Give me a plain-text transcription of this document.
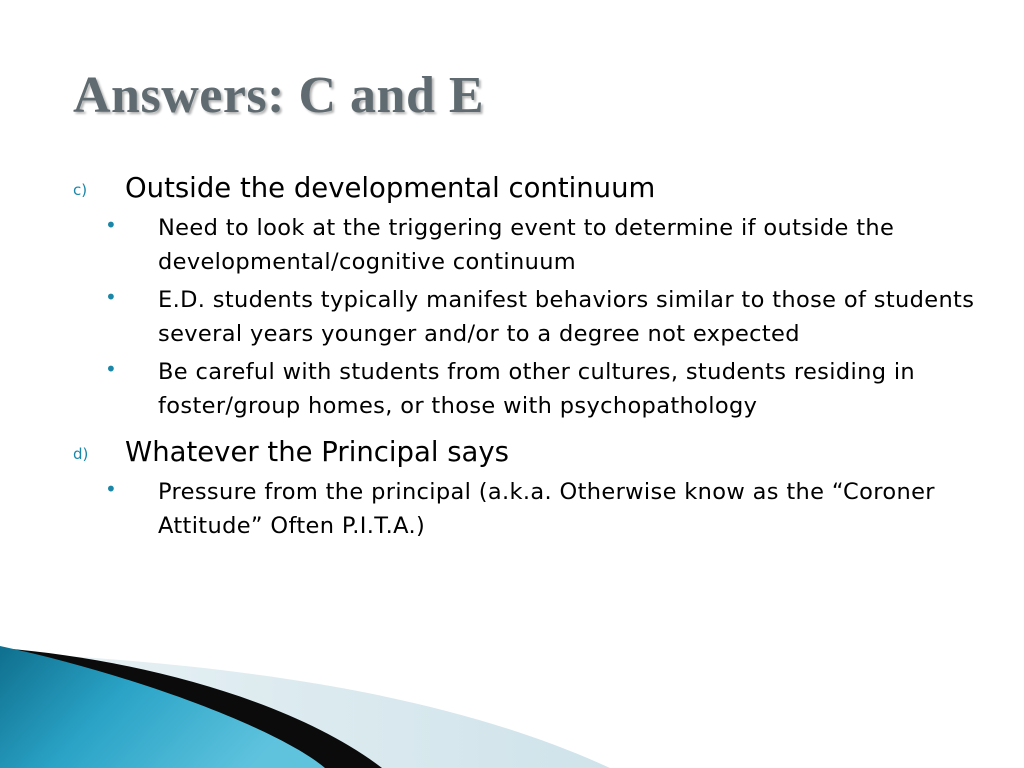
Answers: C and E
c) Outside the developmental continuum
• Need to look at the triggering event to determine if outside the developmental/cognitive continuum
• E.D. students typically manifest behaviors similar to those of students several years younger and/or to a degree not expected
• Be careful with students from other cultures, students residing in foster/group homes, or those with psychopathology
d) Whatever the Principal says
• Pressure from the principal (a.k.a. Otherwise know as the “Coroner Attitude” Often P.I.T.A.)
